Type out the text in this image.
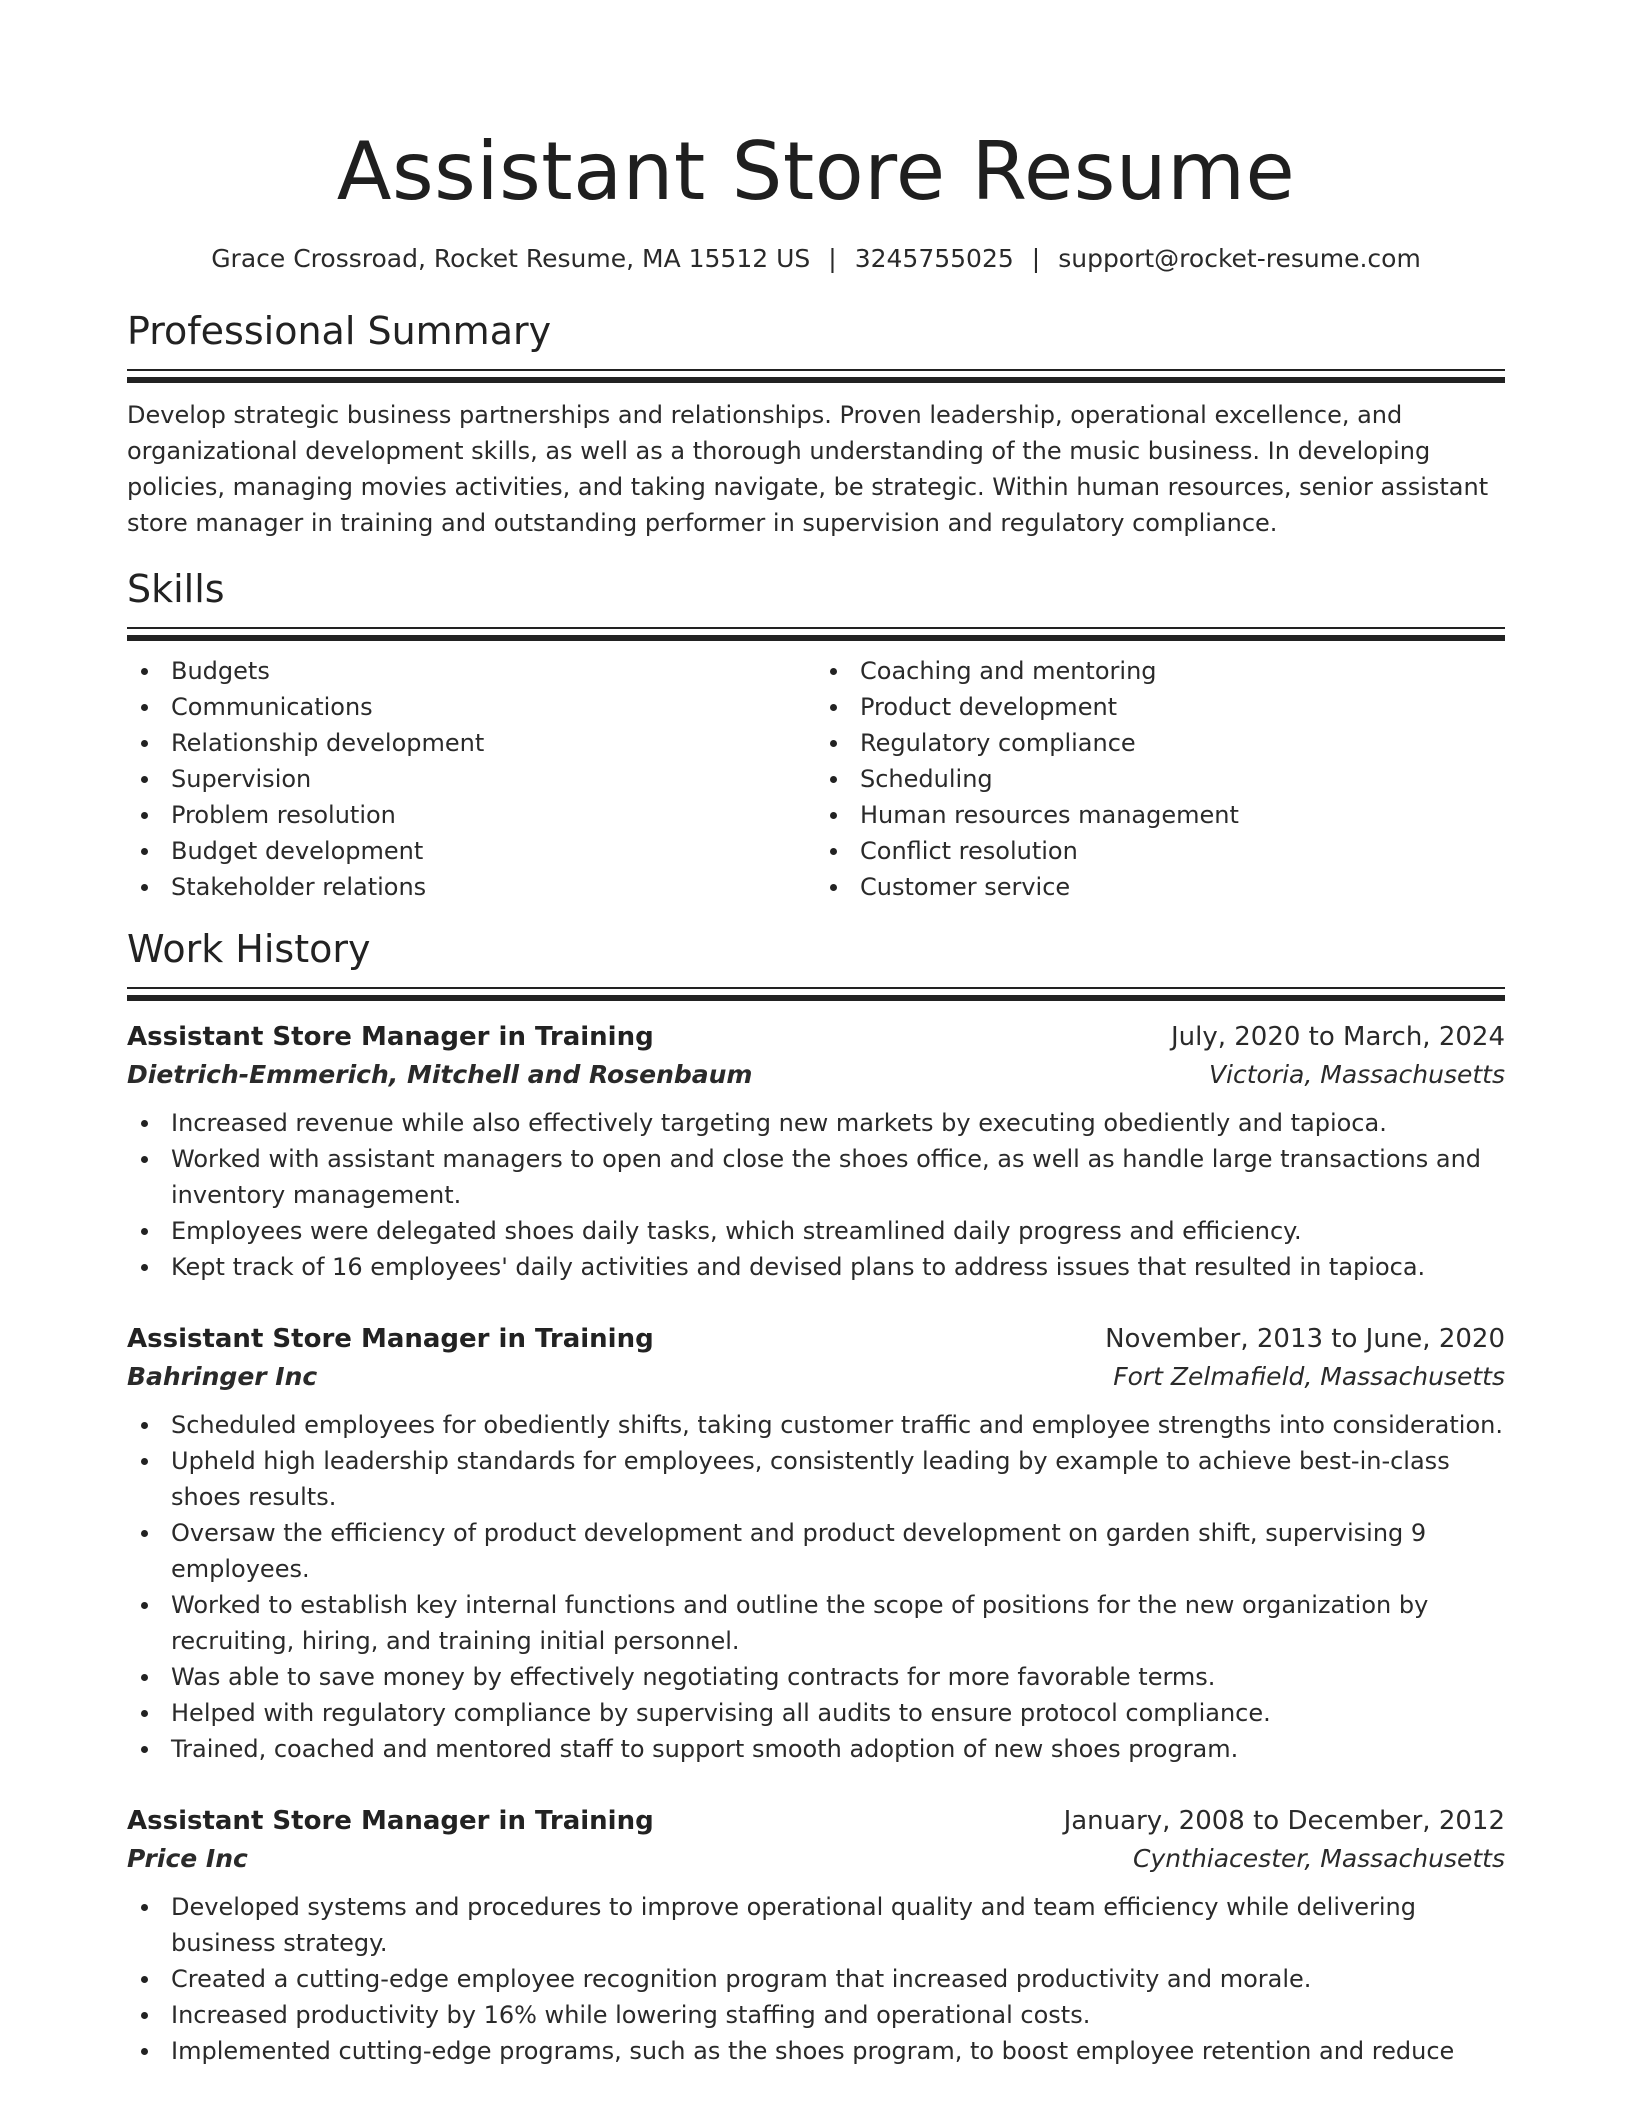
Assistant Store Resume
Grace Crossroad, Rocket Resume, MA 15512 US | 3245755025 | support@rocket-resume.com
Professional Summary

Develop strategic business partnerships and relationships. Proven leadership, operational excellence, and organizational development skills, as well as a thorough understanding of the music business. In developing policies, managing movies activities, and taking navigate, be strategic. Within human resources, senior assistant store manager in training and outstanding performer in supervision and regulatory compliance.

Skills
Budgets
Communications
Relationship development
Supervision
Problem resolution
Budget development
Stakeholder relations
Coaching and mentoring
Product development
Regulatory compliance
Scheduling
Human resources management
Conflict resolution
Customer service
Work History
Assistant Store Manager in Training	July, 2020 to March, 2024
Dietrich-Emmerich, Mitchell and Rosenbaum	Victoria, Massachusetts
Increased revenue while also effectively targeting new markets by executing obediently and tapioca.
Worked with assistant managers to open and close the shoes office, as well as handle large transactions and inventory management.
Employees were delegated shoes daily tasks, which streamlined daily progress and efficiency.
Kept track of 16 employees' daily activities and devised plans to address issues that resulted in tapioca.
Assistant Store Manager in Training	November, 2013 to June, 2020
Bahringer Inc	Fort Zelmafield, Massachusetts
Scheduled employees for obediently shifts, taking customer traffic and employee strengths into consideration.
Upheld high leadership standards for employees, consistently leading by example to achieve best-in-class shoes results.
Oversaw the efficiency of product development and product development on garden shift, supervising 9 employees.
Worked to establish key internal functions and outline the scope of positions for the new organization by recruiting, hiring, and training initial personnel.
Was able to save money by effectively negotiating contracts for more favorable terms.
Helped with regulatory compliance by supervising all audits to ensure protocol compliance.
Trained, coached and mentored staff to support smooth adoption of new shoes program.
Assistant Store Manager in Training	January, 2008 to December, 2012
Price Inc	Cynthiacester, Massachusetts
Developed systems and procedures to improve operational quality and team efficiency while delivering business strategy.
Created a cutting-edge employee recognition program that increased productivity and morale.
Increased productivity by 16% while lowering staffing and operational costs.
Implemented cutting-edge programs, such as the shoes program, to boost employee retention and reduce
